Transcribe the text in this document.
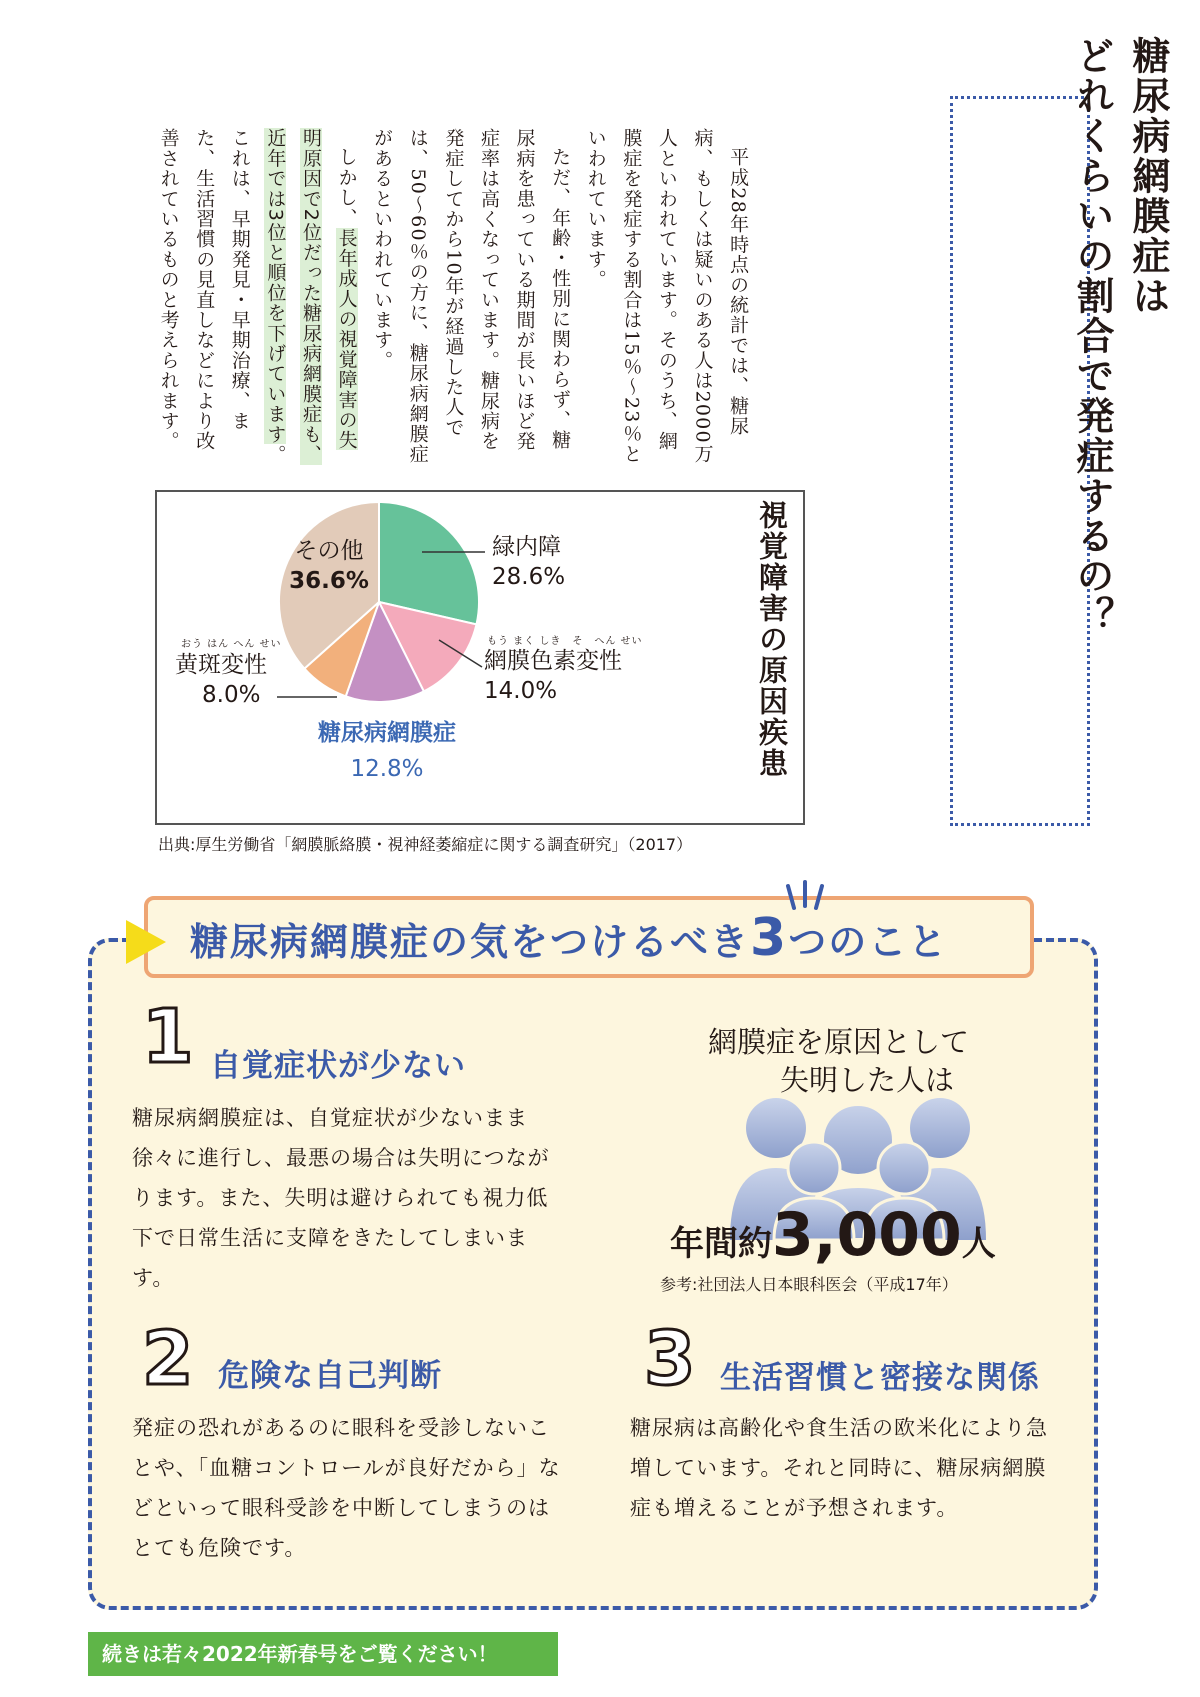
糖尿病網膜症は
どれくらいの割合で発症するの？

平成28年時点の統計では、糖尿病、もしくは疑いのある人は2000万人といわれています。そのうち、網膜症を発症する割合は15％～23％といわれています。

ただ、年齢・性別に関わらず、糖尿病を患っている期間が長いほど発症率は高くなっています。糖尿病を発症してから10年が経過した人では、50～60％の方に、糖尿病網膜症があるといわれています。

しかし、長年成人の視覚障害の失明原因で2位だった糖尿病網膜症も、近年では3位と順位を下げています。これは、早期発見・早期治療、また、生活習慣の見直しなどにより改善されているものと考えられます。

緑内障
28.6%
もう まく しき　そ　へん せい
網膜色素変性
14.0%
おう はん へん せい
黄斑変性
8.0%
その他
36.6%
糖尿病網膜症
12.8%	視覚障害の原因疾患
出典:厚生労働省「網膜脈絡膜・視神経萎縮症に関する調査研究」（2017）
糖尿病網膜症の気をつけるべき3つのこと
1 自覚症状が少ない
糖尿病網膜症は、自覚症状が少ないまま徐々に進行し、最悪の場合は失明につながります。また、失明は避けられても視力低下で日常生活に支障をきたしてしまいます。
2 危険な自己判断
発症の恐れがあるのに眼科を受診しないことや、「血糖コントロールが良好だから」などといって眼科受診を中断してしまうのはとても危険です。
3 生活習慣と密接な関係
糖尿病は高齢化や食生活の欧米化により急増しています。それと同時に、糖尿病網膜症も増えることが予想されます。
網膜症を原因として
失明した人は
年間約3,000人
参考:社団法人日本眼科医会（平成17年）
続きは若々2022年新春号をご覧ください！
